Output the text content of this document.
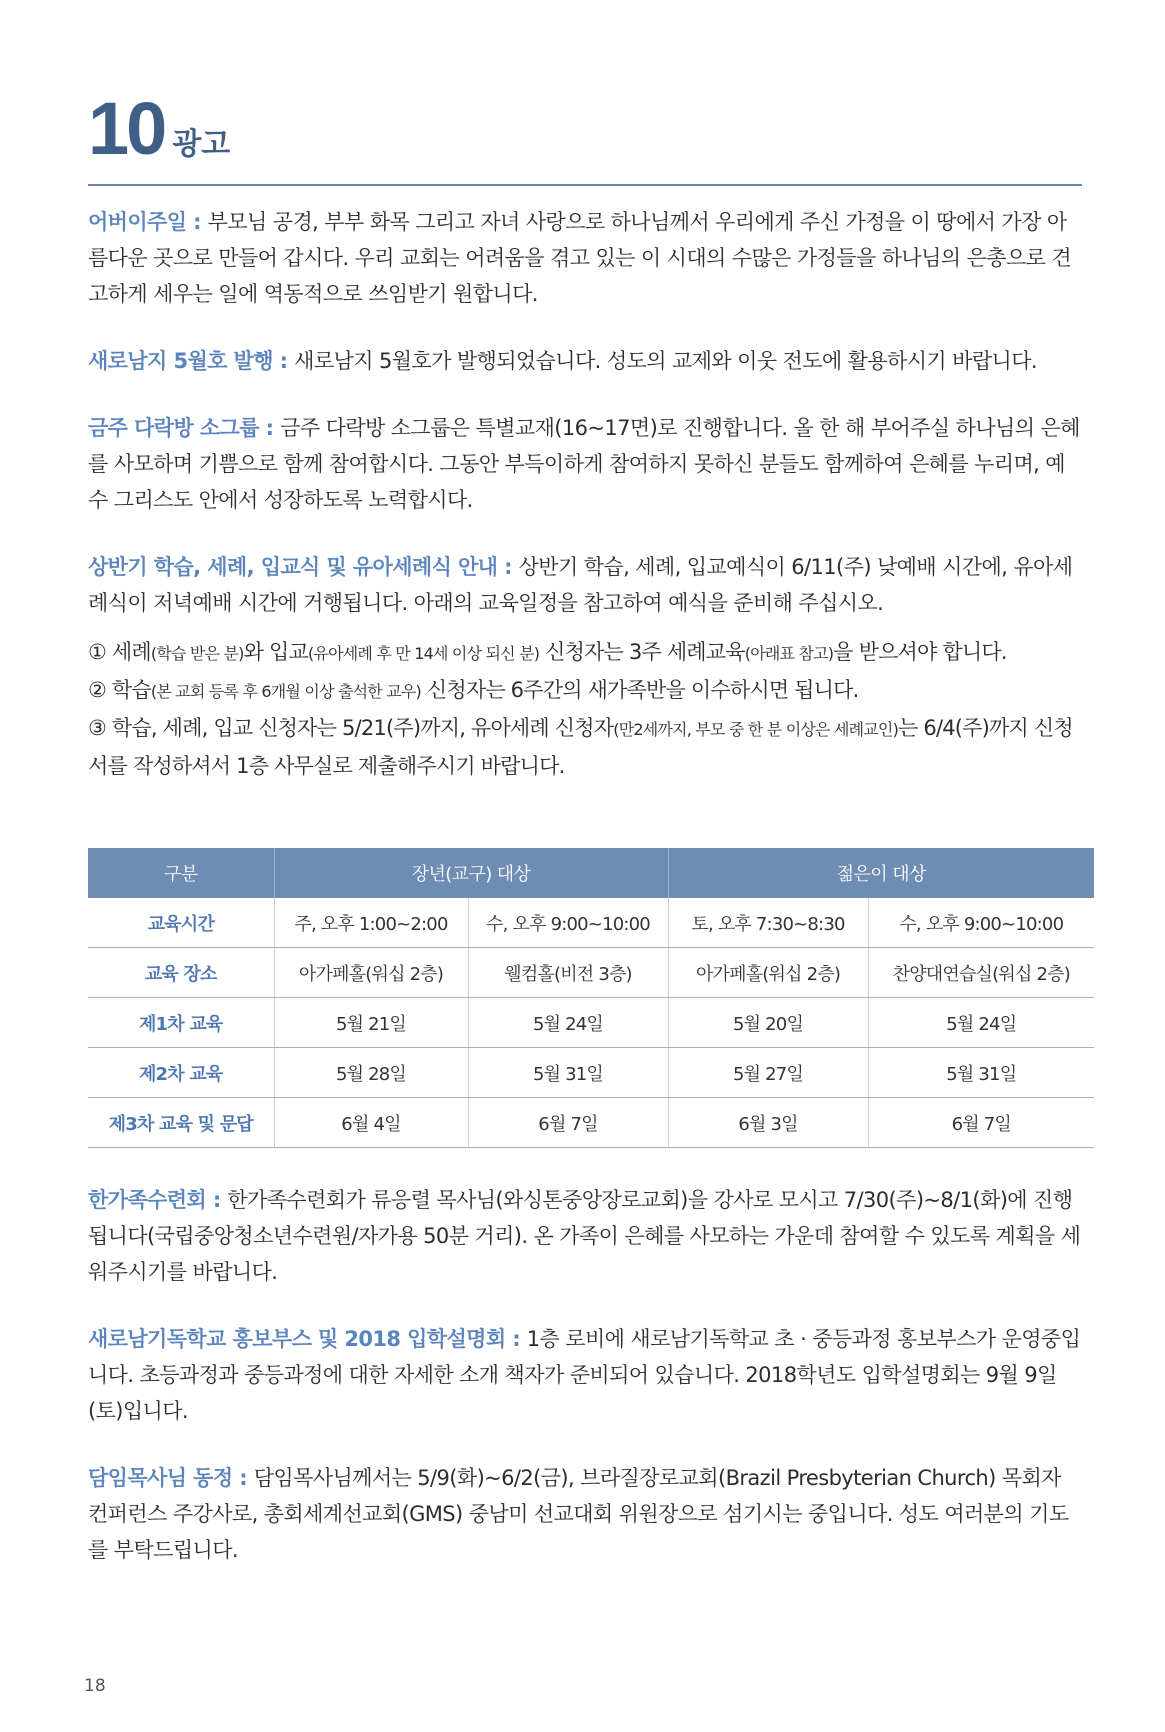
10 광고

어버이주일 : 부모님 공경, 부부 화목 그리고 자녀 사랑으로 하나님께서 우리에게 주신 가정을 이 땅에서 가장 아름다운 곳으로 만들어 갑시다. 우리 교회는 어려움을 겪고 있는 이 시대의 수많은 가정들을 하나님의 은총으로 견고하게 세우는 일에 역동적으로 쓰임받기 원합니다.

새로남지 5월호 발행 : 새로남지 5월호가 발행되었습니다. 성도의 교제와 이웃 전도에 활용하시기 바랍니다.

금주 다락방 소그룹 : 금주 다락방 소그룹은 특별교재(16~17면)로 진행합니다. 올 한 해 부어주실 하나님의 은혜를 사모하며 기쁨으로 함께 참여합시다. 그동안 부득이하게 참여하지 못하신 분들도 함께하여 은혜를 누리며, 예수 그리스도 안에서 성장하도록 노력합시다.

상반기 학습, 세례, 입교식 및 유아세례식 안내 : 상반기 학습, 세례, 입교예식이 6/11(주) 낮예배 시간에, 유아세례식이 저녁예배 시간에 거행됩니다. 아래의 교육일정을 참고하여 예식을 준비해 주십시오.

① 세례(학습 받은 분)와 입교(유아세례 후 만 14세 이상 되신 분) 신청자는 3주 세례교육(아래표 참고)을 받으셔야 합니다.
② 학습(본 교회 등록 후 6개월 이상 출석한 교우) 신청자는 6주간의 새가족반을 이수하시면 됩니다.
③ 학습, 세례, 입교 신청자는 5/21(주)까지, 유아세례 신청자(만2세까지, 부모 중 한 분 이상은 세례교인)는 6/4(주)까지 신청서를 작성하셔서 1층 사무실로 제출해주시기 바랍니다.
구분	장년(교구) 대상		젊은이 대상	
교육시간	주, 오후 1:00~2:00	수, 오후 9:00~10:00	토, 오후 7:30~8:30	수, 오후 9:00~10:00
교육 장소	아가페홀(워십 2층)	웰컴홀(비전 3층)	아가페홀(워십 2층)	찬양대연습실(워십 2층)
제1차 교육	5월 21일	5월 24일	5월 20일	5월 24일
제2차 교육	5월 28일	5월 31일	5월 27일	5월 31일
제3차 교육 및 문답	6월 4일	6월 7일	6월 3일	6월 7일

한가족수련회 : 한가족수련회가 류응렬 목사님(와싱톤중앙장로교회)을 강사로 모시고 7/30(주)~8/1(화)에 진행됩니다(국립중앙청소년수련원/자가용 50분 거리). 온 가족이 은혜를 사모하는 가운데 참여할 수 있도록 계획을 세워주시기를 바랍니다.

새로남기독학교 홍보부스 및 2018 입학설명회 : 1층 로비에 새로남기독학교 초 · 중등과정 홍보부스가 운영중입니다. 초등과정과 중등과정에 대한 자세한 소개 책자가 준비되어 있습니다. 2018학년도 입학설명회는 9월 9일(토)입니다.

담임목사님 동정 : 담임목사님께서는 5/9(화)~6/2(금), 브라질장로교회(Brazil Presbyterian Church) 목회자 컨퍼런스 주강사로, 총회세계선교회(GMS) 중남미 선교대회 위원장으로 섬기시는 중입니다. 성도 여러분의 기도를 부탁드립니다.

18
